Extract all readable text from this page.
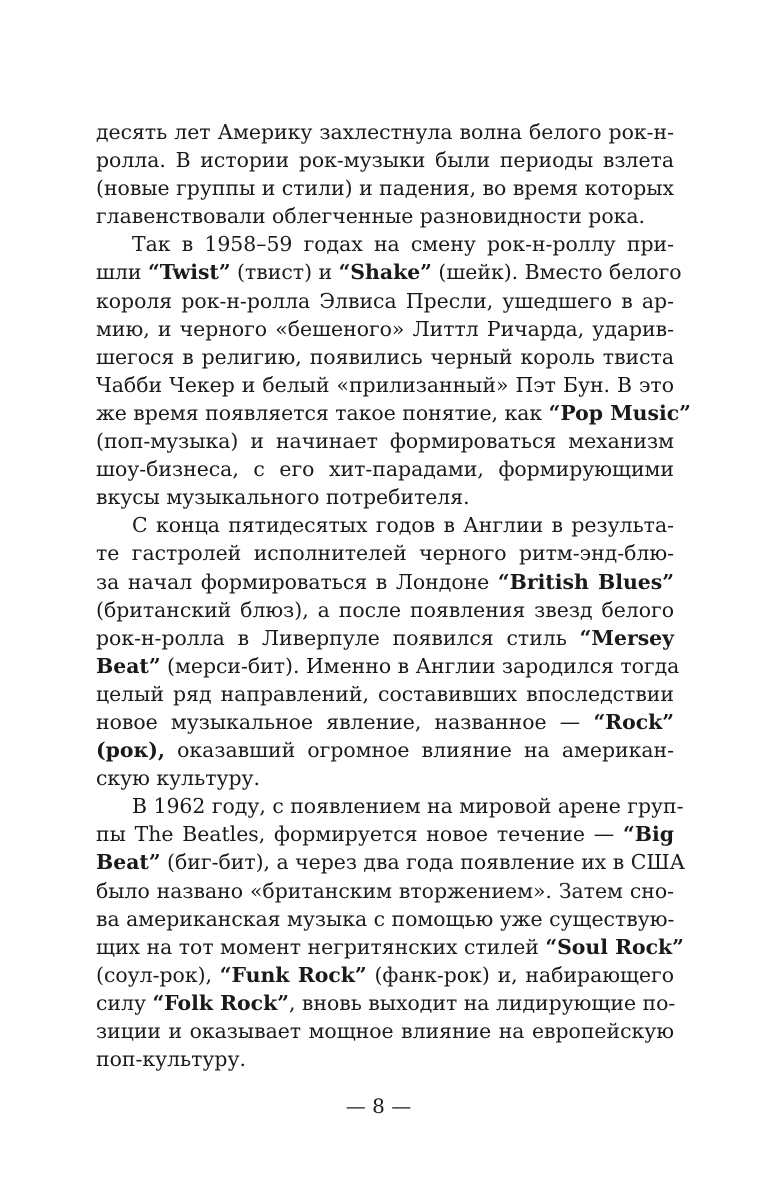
десять лет Америку захлестнула волна белого рок-н-
ролла. В истории рок-музыки были периоды взлета
(новые группы и стили) и падения, во время которых
главенствовали облегченные разновидности рока.
Так в 1958–59 годах на смену рок-н-роллу при-
шли “Twist” (твист) и “Shake” (шейк). Вместо белого
короля рок-н-ролла Элвиса Пресли, ушедшего в ар-
мию, и черного «бешеного» Литтл Ричарда, ударив-
шегося в религию, появились черный король твиста
Чабби Чекер и белый «прилизанный» Пэт Бун. В это
же время появляется такое понятие, как “Pop Music”
(поп-музыка) и начинает формироваться механизм
шоу-бизнеса, с его хит-парадами, формирующими
вкусы музыкального потребителя.
С конца пятидесятых годов в Англии в результа-
те гастролей исполнителей черного ритм-энд-блю-
за начал формироваться в Лондоне “British Blues”
(британский блюз), а после появления звезд белого
рок-н-ролла в Ливерпуле появился стиль “Mersey
Beat” (мерси-бит). Именно в Англии зародился тогда
целый ряд направлений, составивших впоследствии
новое музыкальное явление, названное — “Rock”
(рок), оказавший огромное влияние на американ-
скую культуру.
В 1962 году, с появлением на мировой арене груп-
пы The Beatles, формируется новое течение — “Big
Beat” (биг-бит), а через два года появление их в США
было названо «британским вторжением». Затем сно-
ва американская музыка с помощью уже существую-
щих на тот момент негритянских стилей “Soul Rock”
(соул-рок), “Funk Rock” (фанк-рок) и, набирающего
силу “Folk Rock”, вновь выходит на лидирующие по-
зиции и оказывает мощное влияние на европейскую
поп-культуру.
— 8 —
